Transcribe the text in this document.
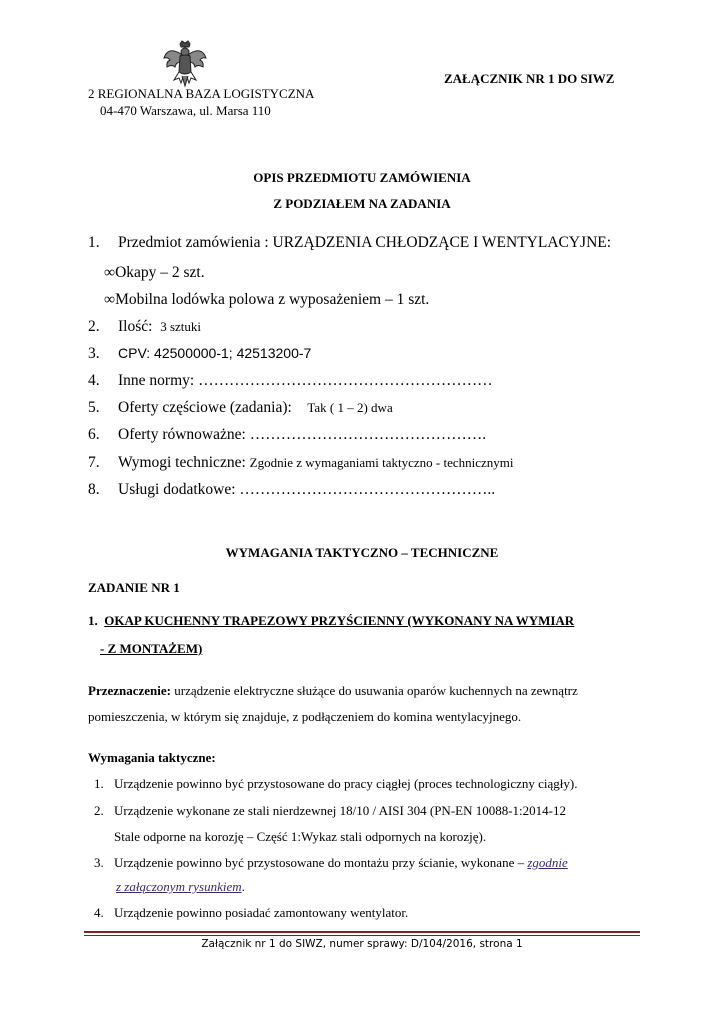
ZAŁĄCZNIK NR 1 DO SIWZ
2 REGIONALNA BAZA LOGISTYCZNA
04-470 Warszawa, ul. Marsa 110
OPIS PRZEDMIOTU ZAMÓWIENIA
Z PODZIAŁEM NA ZADANIA
1. Przedmiot zamówienia : URZĄDZENIA CHŁODZĄCE I WENTYLACYJNE:
∞Okapy – 2 szt.
∞Mobilna lodówka polowa z wyposażeniem – 1 szt.
2. Ilość: 3 sztuki
3. CPV: 42500000-1; 42513200-7
4. Inne normy: …………………………………………………
5. Oferty częściowe (zadania): Tak ( 1 – 2) dwa
6. Oferty równoważne: ……………………………………….
7. Wymogi techniczne: Zgodnie z wymaganiami taktyczno - technicznymi
8. Usługi dodatkowe: …………………………………………..
WYMAGANIA TAKTYCZNO – TECHNICZNE
ZADANIE NR 1
1. OKAP KUCHENNY TRAPEZOWY PRZYŚCIENNY (WYKONANY NA WYMIAR
- Z MONTAŻEM)
Przeznaczenie: urządzenie elektryczne służące do usuwania oparów kuchennych na zewnątrz
pomieszczenia, w którym się znajduje, z podłączeniem do komina wentylacyjnego.
Wymagania taktyczne:
1. Urządzenie powinno być przystosowane do pracy ciągłej (proces technologiczny ciągły).
2. Urządzenie wykonane ze stali nierdzewnej 18/10 / AISI 304 (PN-EN 10088-1:2014-12
Stale odporne na korozję – Część 1:Wykaz stali odpornych na korozję).
3. Urządzenie powinno być przystosowane do montażu przy ścianie, wykonane – zgodnie
z załączonym rysunkiem.
4. Urządzenie powinno posiadać zamontowany wentylator.
Załącznik nr 1 do SIWZ, numer sprawy: D/104/2016, strona 1
